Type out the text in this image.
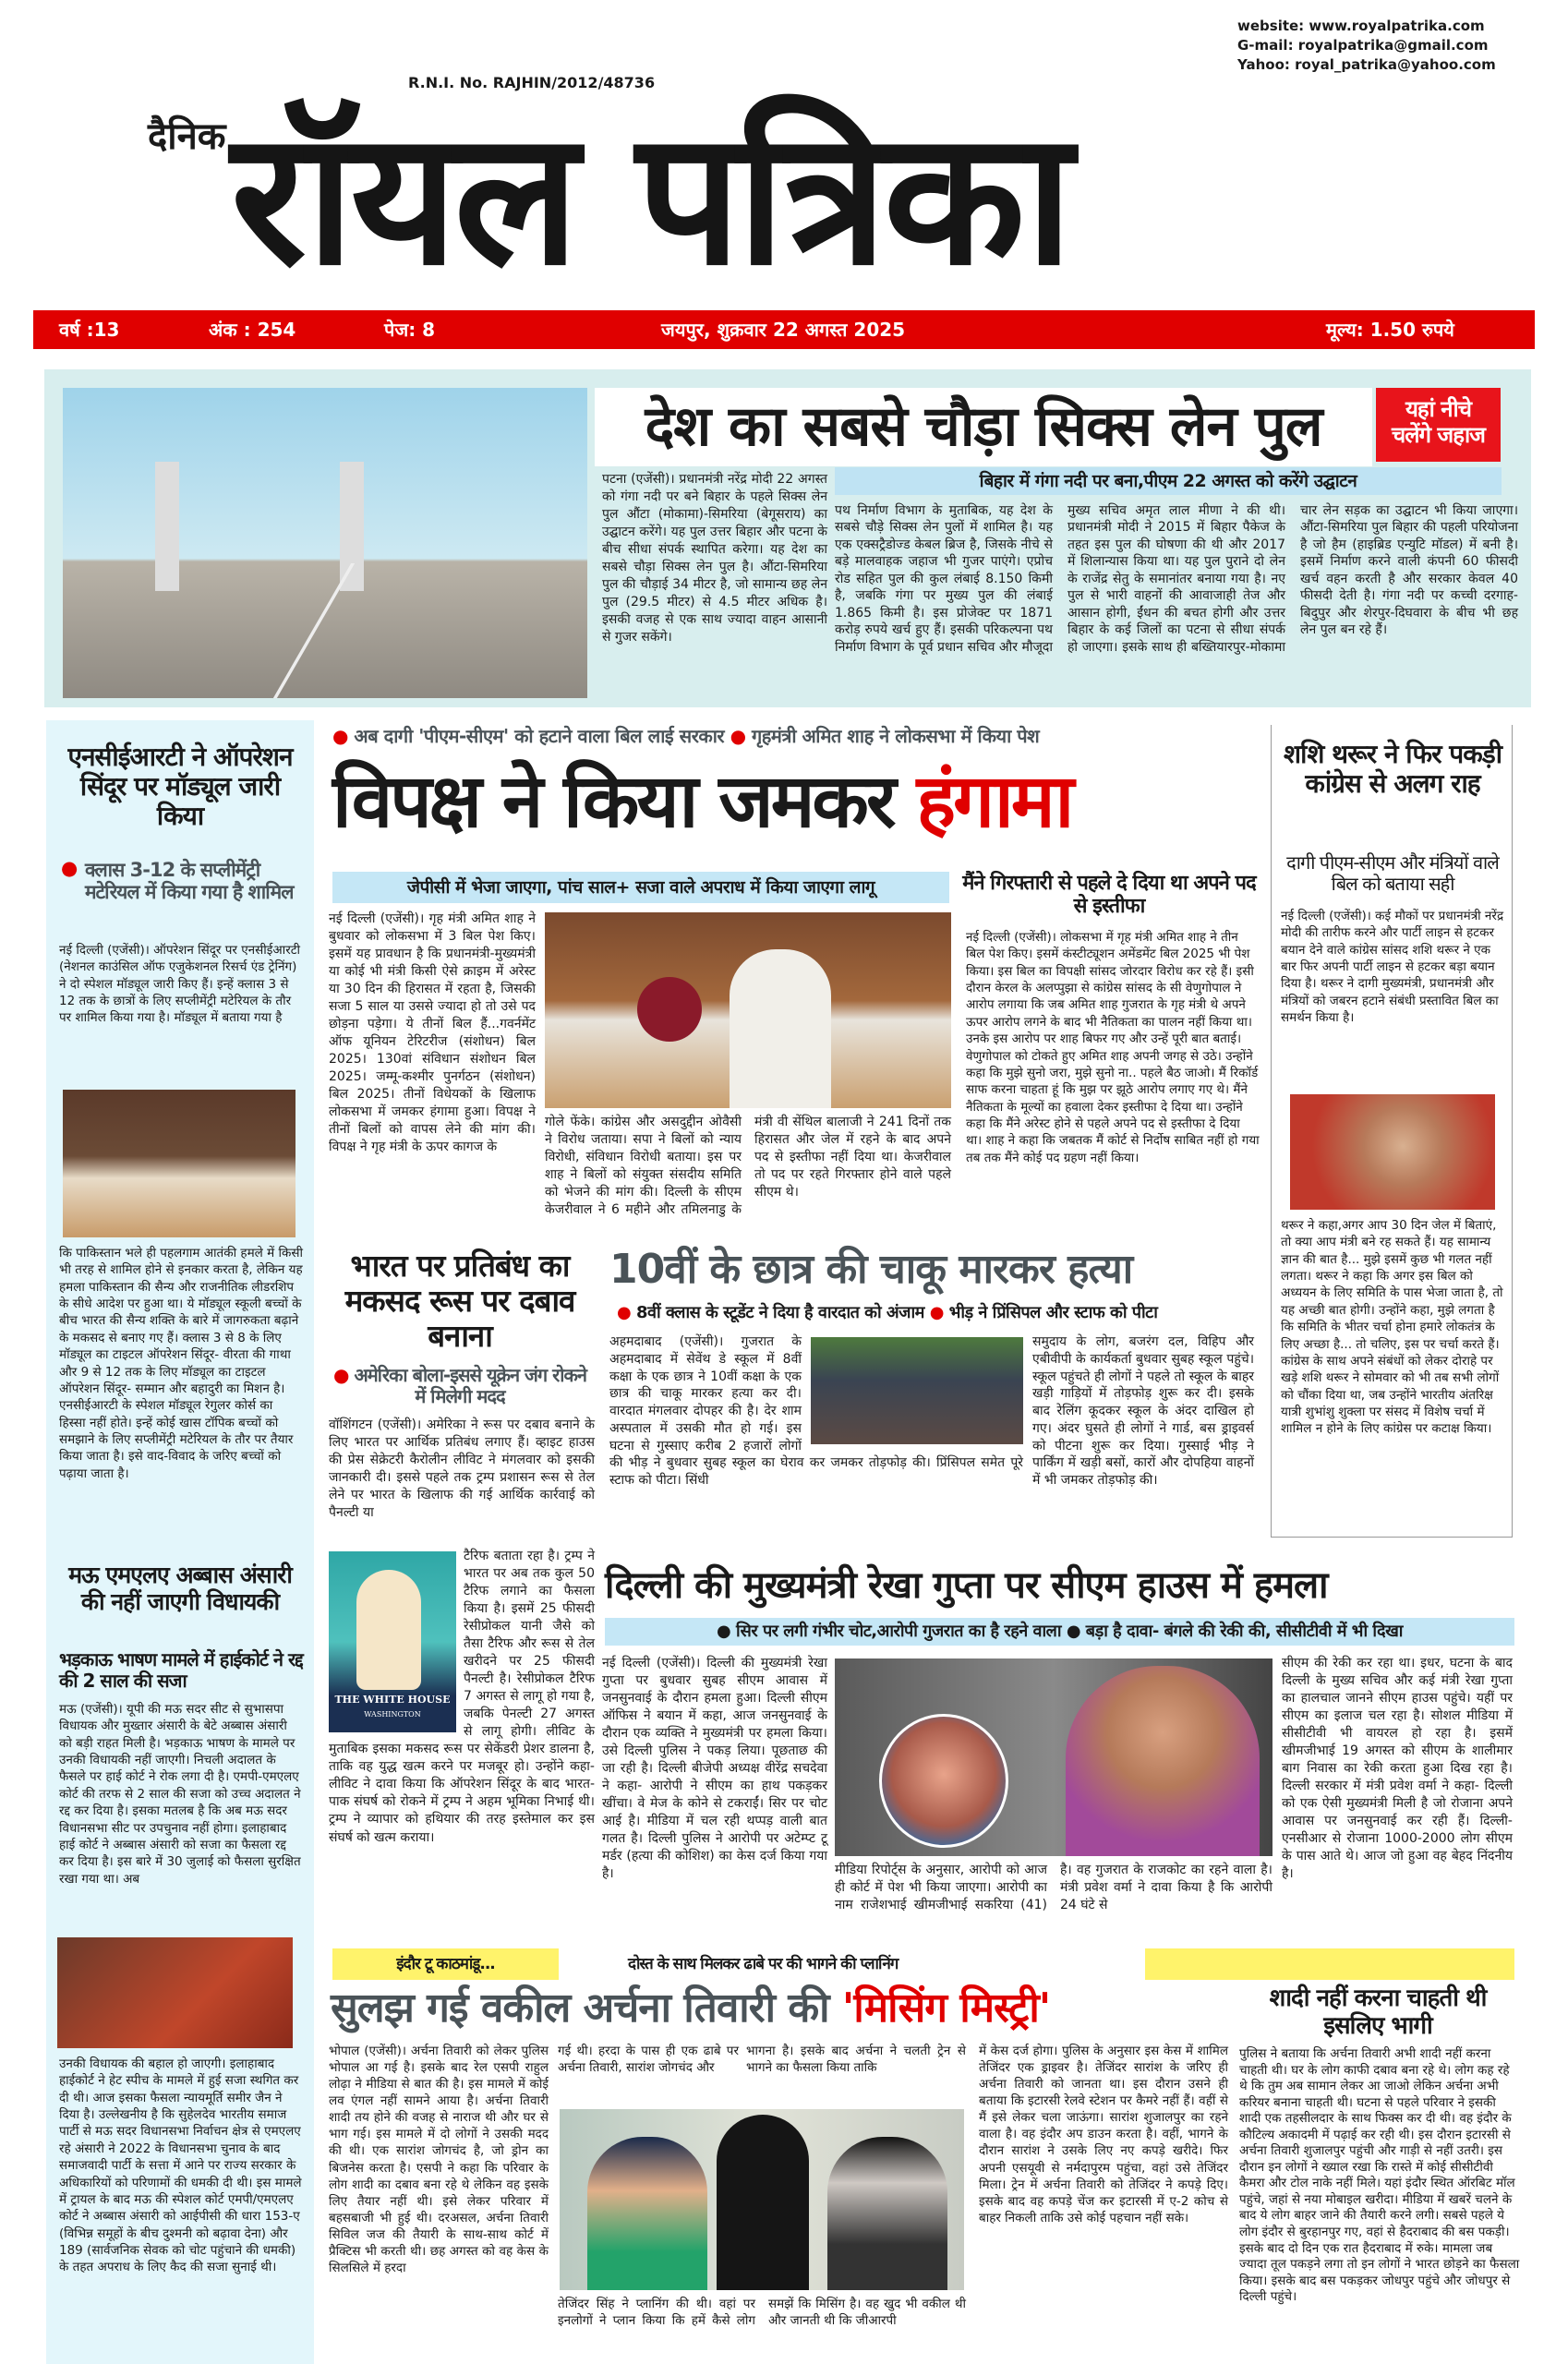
website: www.royalpatrika.com
G-mail: royalpatrika@gmail.com
Yahoo: royal_patrika@yahoo.com
R.N.I. No. RAJHIN/2012/48736
दैनिक रॉयल पत्रिका
वर्ष :13	अंक : 254	पेज: 8	जयपुर, शुक्रवार 22 अगस्त 2025	मूल्य: 1.50 रुपये
देश का सबसे चौड़ा सिक्स लेन पुल	यहां नीचे चलेंगे जहाज
पटना (एजेंसी)। प्रधानमंत्री नरेंद्र मोदी 22 अगस्त को गंगा नदी पर बने बिहार के पहले सिक्स लेन पुल औंटा (मोकामा)-सिमरिया (बेगूसराय) का उद्घाटन करेंगे। यह पुल उत्तर बिहार और पटना के बीच सीधा संपर्क स्थापित करेगा। यह देश का सबसे चौड़ा सिक्स लेन पुल है। औंटा-सिमरिया पुल की चौड़ाई 34 मीटर है, जो सामान्य छह लेन पुल (29.5 मीटर) से 4.5 मीटर अधिक है। इसकी वजह से एक साथ ज्यादा वाहन आसानी से गुजर सकेंगे।
बिहार में गंगा नदी पर बना,पीएम 22 अगस्त को करेंगे उद्घाटन
पथ निर्माण विभाग के मुताबिक, यह देश के सबसे चौड़े सिक्स लेन पुलों में शामिल है। यह एक एक्सट्रैडोज्ड केबल ब्रिज है, जिसके नीचे से बड़े मालवाहक जहाज भी गुजर पाएंगे। एप्रोच रोड सहित पुल की कुल लंबाई 8.150 किमी है, जबकि गंगा पर मुख्य पुल की लंबाई 1.865 किमी है। इस प्रोजेक्ट पर 1871 करोड़ रुपये खर्च हुए हैं। इसकी परिकल्पना पथ निर्माण विभाग के पूर्व प्रधान सचिव और मौजूदा मुख्य सचिव अमृत लाल मीणा ने की थी। प्रधानमंत्री मोदी ने 2015 में बिहार पैकेज के तहत इस पुल की घोषणा की थी और 2017 में शिलान्यास किया था। यह पुल पुराने दो लेन के राजेंद्र सेतु के समानांतर बनाया गया है। नए पुल से भारी वाहनों की आवाजाही तेज और आसान होगी, ईंधन की बचत होगी और उत्तर बिहार के कई जिलों का पटना से सीधा संपर्क हो जाएगा। इसके साथ ही बख्तियारपुर-मोकामा चार लेन सड़क का उद्घाटन भी किया जाएगा। औंटा-सिमरिया पुल बिहार की पहली परियोजना है जो हैम (हाइब्रिड एन्युटि मॉडल) में बनी है। इसमें निर्माण करने वाली कंपनी 60 फीसदी खर्च वहन करती है और सरकार केवल 40 फीसदी देती है। गंगा नदी पर कच्ची दरगाह-बिदुपुर और शेरपुर-दिघवारा के बीच भी छह लेन पुल बन रहे हैं।
एनसीईआरटी ने ऑपरेशन सिंदूर पर मॉड्यूल जारी किया
● क्लास 3-12 के सप्लीमेंट्री मटेरियल में किया गया है शामिल
नई दिल्ली (एजेंसी)। ऑपरेशन सिंदूर पर एनसीईआरटी (नेशनल काउंसिल ऑफ एजुकेशनल रिसर्च एंड ट्रेनिंग) ने दो स्पेशल मॉड्यूल जारी किए हैं। इन्हें क्लास 3 से 12 तक के छात्रों के लिए सप्लीमेंट्री मटेरियल के तौर पर शामिल किया गया है। मॉड्यूल में बताया गया है
कि पाकिस्तान भले ही पहलगाम आतंकी हमले में किसी भी तरह से शामिल होने से इनकार करता है, लेकिन यह हमला पाकिस्तान की सैन्य और राजनीतिक लीडरशिप के सीधे आदेश पर हुआ था। ये मॉड्यूल स्कूली बच्चों के बीच भारत की सैन्य शक्ति के बारे में जागरुकता बढ़ाने के मकसद से बनाए गए हैं। क्लास 3 से 8 के लिए मॉड्यूल का टाइटल ऑपरेशन सिंदूर- वीरता की गाथा और 9 से 12 तक के लिए मॉड्यूल का टाइटल ऑपरेशन सिंदूर- सम्मान और बहादुरी का मिशन है। एनसीईआरटी के स्पेशल मॉड्यूल रेगुलर कोर्स का हिस्सा नहीं होते। इन्हें कोई खास टॉपिक बच्चों को समझाने के लिए सप्लीमेंट्री मटेरियल के तौर पर तैयार किया जाता है। इसे वाद-विवाद के जरिए बच्चों को पढ़ाया जाता है।
मऊ एमएलए अब्बास अंसारी की नहीं जाएगी विधायकी
भड़काऊ भाषण मामले में हाईकोर्ट ने रद्द की 2 साल की सजा
मऊ (एजेंसी)। यूपी की मऊ सदर सीट से सुभासपा विधायक और मुख्तार अंसारी के बेटे अब्बास अंसारी को बड़ी राहत मिली है। भड़काऊ भाषण के मामले पर उनकी विधायकी नहीं जाएगी। निचली अदालत के फैसले पर हाई कोर्ट ने रोक लगा दी है। एमपी-एमएलए कोर्ट की तरफ से 2 साल की सजा को उच्च अदालत ने रद्द कर दिया है। इसका मतलब है कि अब मऊ सदर विधानसभा सीट पर उपचुनाव नहीं होगा। इलाहाबाद हाई कोर्ट ने अब्बास अंसारी को सजा का फैसला रद्द कर दिया है। इस बारे में 30 जुलाई को फैसला सुरक्षित रखा गया था। अब
उनकी विधायक की बहाल हो जाएगी। इलाहाबाद हाईकोर्ट ने हेट स्पीच के मामले में हुई सजा स्थगित कर दी थी। आज इसका फैसला न्यायमूर्ति समीर जैन ने दिया है। उल्लेखनीय है कि सुहेलदेव भारतीय समाज पार्टी से मऊ सदर विधानसभा निर्वाचन क्षेत्र से एमएलए रहे अंसारी ने 2022 के विधानसभा चुनाव के बाद समाजवादी पार्टी के सत्ता में आने पर राज्य सरकार के अधिकारियों को परिणामों की धमकी दी थी। इस मामले में ट्रायल के बाद मऊ की स्पेशल कोर्ट एमपी/एमएलए कोर्ट ने अब्बास अंसारी को आईपीसी की धारा 153-ए (विभिन्न समूहों के बीच दुश्मनी को बढ़ावा देना) और 189 (सार्वजनिक सेवक को चोट पहुंचाने की धमकी) के तहत अपराध के लिए कैद की सजा सुनाई थी।
● अब दागी 'पीएम-सीएम' को हटाने वाला बिल लाई सरकार ● गृहमंत्री अमित शाह ने लोकसभा में किया पेश
विपक्ष ने किया जमकर हंगामा
जेपीसी में भेजा जाएगा, पांच साल+ सजा वाले अपराध में किया जाएगा लागू
नई दिल्ली (एजेंसी)। गृह मंत्री अमित शाह ने बुधवार को लोकसभा में 3 बिल पेश किए। इसमें यह प्रावधान है कि प्रधानमंत्री-मुख्यमंत्री या कोई भी मंत्री किसी ऐसे क्राइम में अरेस्ट या 30 दिन की हिरासत में रहता है, जिसकी सजा 5 साल या उससे ज्यादा हो तो उसे पद छोड़ना पड़ेगा। ये तीनों बिल हैं...गवर्नमेंट ऑफ यूनियन टेरिटरीज (संशोधन) बिल 2025। 130वां संविधान संशोधन बिल 2025। जम्मू-कश्मीर पुनर्गठन (संशोधन) बिल 2025। तीनों विधेयकों के खिलाफ लोकसभा में जमकर हंगामा हुआ। विपक्ष ने तीनों बिलों को वापस लेने की मांग की। विपक्ष ने गृह मंत्री के ऊपर कागज के
गोले फेंके। कांग्रेस और असदुद्दीन ओवैसी ने विरोध जताया। सपा ने बिलों को न्याय विरोधी, संविधान विरोधी बताया। इस पर शाह ने बिलों को संयुक्त संसदीय समिति को भेजने की मांग की। दिल्ली के सीएम केजरीवाल ने 6 महीने और तमिलनाडु के मंत्री वी सेंथिल बालाजी ने 241 दिनों तक हिरासत और जेल में रहने के बाद अपने पद से इस्तीफा नहीं दिया था। केजरीवाल तो पद पर रहते गिरफ्तार होने वाले पहले सीएम थे।
मैंने गिरफ्तारी से पहले दे दिया था अपने पद से इस्तीफा
नई दिल्ली (एजेंसी)। लोकसभा में गृह मंत्री अमित शाह ने तीन बिल पेश किए। इसमें कंस्टीट्यूशन अमेंडमेंट बिल 2025 भी पेश किया। इस बिल का विपक्षी सांसद जोरदार विरोध कर रहे हैं। इसी दौरान केरल के अलप्पुझा से कांग्रेस सांसद के सी वेणुगोपाल ने आरोप लगाया कि जब अमित शाह गुजरात के गृह मंत्री थे अपने ऊपर आरोप लगने के बाद भी नैतिकता का पालन नहीं किया था। उनके इस आरोप पर शाह बिफर गए और उन्हें पूरी बात बताई। वेणुगोपाल को टोकते हुए अमित शाह अपनी जगह से उठे। उन्होंने कहा कि मुझे सुनो जरा, मुझे सुनो ना.. पहले बैठ जाओ। मैं रिकॉर्ड साफ करना चाहता हूं कि मुझ पर झूठे आरोप लगाए गए थे। मैंने नैतिकता के मूल्यों का हवाला देकर इस्तीफा दे दिया था। उन्होंने कहा कि मैंने अरेस्ट होने से पहले अपने पद से इस्तीफा दे दिया था। शाह ने कहा कि जबतक मैं कोर्ट से निर्दोष साबित नहीं हो गया तब तक मैंने कोई पद ग्रहण नहीं किया।
शशि थरूर ने फिर पकड़ी कांग्रेस से अलग राह
दागी पीएम-सीएम और मंत्रियों वाले बिल को बताया सही
नई दिल्ली (एजेंसी)। कई मौकों पर प्रधानमंत्री नरेंद्र मोदी की तारीफ करने और पार्टी लाइन से हटकर बयान देने वाले कांग्रेस सांसद शशि थरूर ने एक बार फिर अपनी पार्टी लाइन से हटकर बड़ा बयान दिया है। थरूर ने दागी मुख्यमंत्री, प्रधानमंत्री और मंत्रियों को जबरन हटाने संबंधी प्रस्तावित बिल का समर्थन किया है।
थरूर ने कहा,अगर आप 30 दिन जेल में बिताएं, तो क्या आप मंत्री बने रह सकते हैं। यह सामान्य ज्ञान की बात है... मुझे इसमें कुछ भी गलत नहीं लगता। थरूर ने कहा कि अगर इस बिल को अध्ययन के लिए समिति के पास भेजा जाता है, तो यह अच्छी बात होगी। उन्होंने कहा, मुझे लगता है कि समिति के भीतर चर्चा होना हमारे लोकतंत्र के लिए अच्छा है... तो चलिए, इस पर चर्चा करते हैं। कांग्रेस के साथ अपने संबंधों को लेकर दोराहे पर खड़े शशि थरूर ने सोमवार को भी तब सभी लोगों को चौंका दिया था, जब उन्होंने भारतीय अंतरिक्ष यात्री शुभांशु शुक्ला पर संसद में विशेष चर्चा में शामिल न होने के लिए कांग्रेस पर कटाक्ष किया।
भारत पर प्रतिबंध का मकसद रूस पर दबाव बनाना
● अमेरिका बोला-इससे यूक्रेन जंग रोकने में मिलेगी मदद
वॉशिंगटन (एजेंसी)। अमेरिका ने रूस पर दबाव बनाने के लिए भारत पर आर्थिक प्रतिबंध लगाए हैं। व्हाइट हाउस की प्रेस सेक्रेटरी कैरोलीन लीविट ने मंगलवार को इसकी जानकारी दी। इससे पहले तक ट्रम्प प्रशासन रूस से तेल लेने पर भारत के खिलाफ की गई आर्थिक कार्रवाई को पैनल्टी या
THE WHITE HOUSE
WASHINGTON
टैरिफ बताता रहा है। ट्रम्प ने भारत पर अब तक कुल 50 टैरिफ लगाने का फैसला किया है। इसमें 25 फीसदी रेसीप्रोकल यानी जैसे को तैसा टैरिफ और रूस से तेल खरीदने पर 25 फीसदी पैनल्टी है। रेसीप्रोकल टैरिफ 7 अगस्त से लागू हो गया है, जबकि पेनल्टी 27 अगस्त से लागू होगी। लीविट के मुताबिक इसका मकसद रूस पर सेकेंडरी प्रेशर डालना है, ताकि वह युद्ध खत्म करने पर मजबूर हो। उन्होंने कहा-लीविट ने दावा किया कि ऑपरेशन सिंदूर के बाद भारत-पाक संघर्ष को रोकने में ट्रम्प ने अहम भूमिका निभाई थी। ट्रम्प ने व्यापार को हथियार की तरह इस्तेमाल कर इस संघर्ष को खत्म कराया।
10वीं के छात्र की चाकू मारकर हत्या
● 8वीं क्लास के स्टूडेंट ने दिया है वारदात को अंजाम ● भीड़ ने प्रिंसिपल और स्टाफ को पीटा
अहमदाबाद (एजेंसी)। गुजरात के अहमदाबाद में सेवेंथ डे स्कूल में 8वीं कक्षा के एक छात्र ने 10वीं कक्षा के एक छात्र की चाकू मारकर हत्या कर दी। वारदात मंगलवार दोपहर की है। देर शाम अस्पताल में उसकी मौत हो गई। इस घटना से गुस्साए करीब 2 हजारों लोगों की भीड़ ने बुधवार सुबह स्कूल का घेराव कर जमकर तोड़फोड़ की। प्रिंसिपल समेत पूरे स्टाफ को पीटा। सिंधी
समुदाय के लोग, बजरंग दल, विहिप और एबीवीपी के कार्यकर्ता बुधवार सुबह स्कूल पहुंचे। स्कूल पहुंचते ही लोगों ने पहले तो स्कूल के बाहर खड़ी गाड़ियों में तोड़फोड़ शुरू कर दी। इसके बाद रेलिंग कूदकर स्कूल के अंदर दाखिल हो गए। अंदर घुसते ही लोगों ने गार्ड, बस ड्राइवर्स को पीटना शुरू कर दिया। गुस्साई भीड़ ने पार्किंग में खड़ी बसों, कारों और दोपहिया वाहनों में भी जमकर तोड़फोड़ की।
दिल्ली की मुख्यमंत्री रेखा गुप्ता पर सीएम हाउस में हमला
● सिर पर लगी गंभीर चोट,आरोपी गुजरात का है रहने वाला ● बड़ा है दावा- बंगले की रेकी की, सीसीटीवी में भी दिखा
नई दिल्ली (एजेंसी)। दिल्ली की मुख्यमंत्री रेखा गुप्ता पर बुधवार सुबह सीएम आवास में जनसुनवाई के दौरान हमला हुआ। दिल्ली सीएम ऑफिस ने बयान में कहा, आज जनसुनवाई के दौरान एक व्यक्ति ने मुख्यमंत्री पर हमला किया। उसे दिल्ली पुलिस ने पकड़ लिया। पूछताछ की जा रही है। दिल्ली बीजेपी अध्यक्ष वीरेंद्र सचदेवा ने कहा- आरोपी ने सीएम का हाथ पकड़कर खींचा। वे मेज के कोने से टकराईं। सिर पर चोट आई है। मीडिया में चल रही थप्पड़ वाली बात गलत है। दिल्ली पुलिस ने आरोपी पर अटेम्प्ट टू मर्डर (हत्या की कोशिश) का केस दर्ज किया गया है।	मीडिया रिपोर्ट्स के अनुसार, आरोपी को आज ही कोर्ट में पेश भी किया जाएगा। आरोपी का नाम राजेशभाई खीमजीभाई सकरिया (41) है। वह गुजरात के राजकोट का रहने वाला है। मंत्री प्रवेश वर्मा ने दावा किया है कि आरोपी 24 घंटे से
सीएम की रेकी कर रहा था। इधर, घटना के बाद दिल्ली के मुख्य सचिव और कई मंत्री रेखा गुप्ता का हालचाल जानने सीएम हाउस पहुंचे। यहीं पर सीएम का इलाज चल रहा है। सोशल मीडिया में सीसीटीवी भी वायरल हो रहा है। इसमें खीमजीभाई 19 अगस्त को सीएम के शालीमार बाग निवास का रेकी करता हुआ दिख रहा है। दिल्ली सरकार में मंत्री प्रवेश वर्मा ने कहा- दिल्ली को एक ऐसी मुख्यमंत्री मिली है जो रोजाना अपने आवास पर जनसुनवाई कर रही हैं। दिल्ली-एनसीआर से रोजाना 1000-2000 लोग सीएम के पास आते थे। आज जो हुआ वह बेहद निंदनीय है।
इंदौर टू काठमांडू...	दोस्त के साथ मिलकर ढाबे पर की भागने की प्लानिंग
सुलझ गई वकील अर्चना तिवारी की 'मिसिंग मिस्ट्री'
भोपाल (एजेंसी)। अर्चना तिवारी को लेकर पुलिस भोपाल आ गई है। इसके बाद रेल एसपी राहुल लोढ़ा ने मीडिया से बात की है। इस मामले में कोई लव एंगल नहीं सामने आया है। अर्चना तिवारी शादी तय होने की वजह से नाराज थी और घर से भाग गई। इस मामले में दो लोगों ने उसकी मदद की थी। एक सारांश जोगचंद है, जो ड्रोन का बिजनेस करता है। एसपी ने कहा कि परिवार के लोग शादी का दबाव बना रहे थे लेकिन वह इसके लिए तैयार नहीं थी। इसे लेकर परिवार में बहसबाजी भी हुई थी। दरअसल, अर्चना तिवारी सिविल जज की तैयारी के साथ-साथ कोर्ट में प्रैक्टिस भी करती थी। छह अगस्त को वह केस के सिलसिले में हरदा
गई थी। हरदा के पास ही एक ढाबे पर अर्चना तिवारी, सारांश जोगचंद और
भागना है। इसके बाद अर्चना ने चलती ट्रेन से भागने का फैसला किया ताकि
तेजिंदर सिंह ने प्लानिंग की थी। वहां पर इनलोगों ने प्लान किया कि हमें कैसे लोग समझें कि मिसिंग है। वह खुद भी वकील थी और जानती थी कि जीआरपी
में केस दर्ज होगा। पुलिस के अनुसार इस केस में शामिल तेजिंदर एक ड्राइवर है। तेजिंदर सारांश के जरिए ही अर्चना तिवारी को जानता था। इस दौरान उसने ही बताया कि इटारसी रेलवे स्टेशन पर कैमरे नहीं हैं। वहीं से मैं इसे लेकर चला जाऊंगा। सारांश शुजालपुर का रहने वाला है। वह इंदौर अप डाउन करता है। वहीं, भागने के दौरान सारांश ने उसके लिए नए कपड़े खरीदे। फिर अपनी एसयूवी से नर्मदापुरम पहुंचा, वहां उसे तेजिंदर मिला। ट्रेन में अर्चना तिवारी को तेजिंदर ने कपड़े दिए। इसके बाद वह कपड़े चेंज कर इटारसी में ए-2 कोच से बाहर निकली ताकि उसे कोई पहचान नहीं सके।
शादी नहीं करना चाहती थी इसलिए भागी
पुलिस ने बताया कि अर्चना तिवारी अभी शादी नहीं करना चाहती थी। घर के लोग काफी दबाव बना रहे थे। लोग कह रहे थे कि तुम अब सामान लेकर आ जाओ लेकिन अर्चना अभी करियर बनाना चाहती थी। घटना से पहले परिवार ने इसकी शादी एक तहसीलदार के साथ फिक्स कर दी थी। वह इंदौर के कौटिल्य अकादमी में पढ़ाई कर रही थी। इस दौरान इटारसी से अर्चना तिवारी शुजालपुर पहुंची और गाड़ी से नहीं उतरी। इस दौरान इन लोगों ने ख्याल रखा कि रास्ते में कोई सीसीटीवी कैमरा और टोल नाके नहीं मिले। यहां इंदौर स्थित ऑरबिट मॉल पहुंचे, जहां से नया मोबाइल खरीदा। मीडिया में खबरें चलने के बाद ये लोग बाहर जाने की तैयारी करने लगी। सबसे पहले ये लोग इंदौर से बुरहानपुर गए, वहां से हैदराबाद की बस पकड़ी। इसके बाद दो दिन एक रात हैदराबाद में रुके। मामला जब ज्यादा तूल पकड़ने लगा तो इन लोगों ने भारत छोड़ने का फैसला किया। इसके बाद बस पकड़कर जोधपुर पहुंचे और जोधपुर से दिल्ली पहुंचे।
